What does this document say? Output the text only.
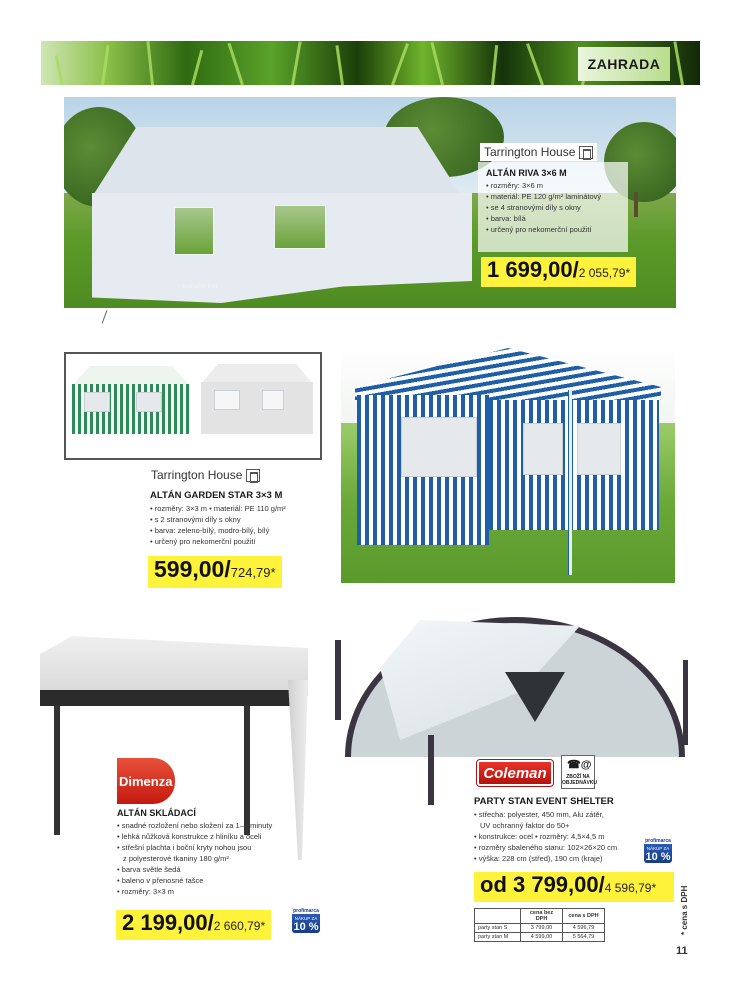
ZAHRADA
• ilustrační foto
Tarrington House
ALTÁN RIVA 3×6 M
• rozměry: 3×6 m
• materiál: PE 120 g/m² laminátový
• se 4 stranovými díly s okny
• barva: bílá
• určený pro nekomerční použití
1 699,00/ 2 055,79*
Tarrington House
ALTÁN GARDEN STAR 3×3 M
• rozměry: 3×3 m • materiál: PE 110 g/m²
• s 2 stranovými díly s okny
• barva: zeleno-bílý, modro-bílý, bílý
• určený pro nekomerční použití
599,00/ 724,79*
Dimenza
ALTÁN SKLÁDACÍ
• snadné rozložení nebo složení za 1–2 minuty
• lehká nůžková konstrukce z hliníku a oceli
• střešní plachta i boční kryty nohou jsou
z polyesterové tkaniny 180 g/m²
• barva světle šedá
• baleno v přenosné tašce
• rozměry: 3×3 m
2 199,00/ 2 660,79*
profimarca
NÁKUP ZA
10 %
Coleman	☎@
ZBOŽÍ NA OBJEDNÁVKU
PARTY STAN EVENT SHELTER
• střecha: polyester, 450 mm, Alu zátěr,
UV ochranný faktor do 50+
• konstrukce: ocel • rozměry: 4,5×4,5 m
• rozměry sbaleného stanu: 102×26×20 cm
• výška: 228 cm (střed), 190 cm (kraje)
profimarca
NÁKUP ZA
10 %
od 3 799,00/ 4 596,79*
	cena bez DPH	cena s DPH
party stan S	3 799,00	4 596,79
party stan M	4 599,00	5 564,79
* cena s DPH
11
